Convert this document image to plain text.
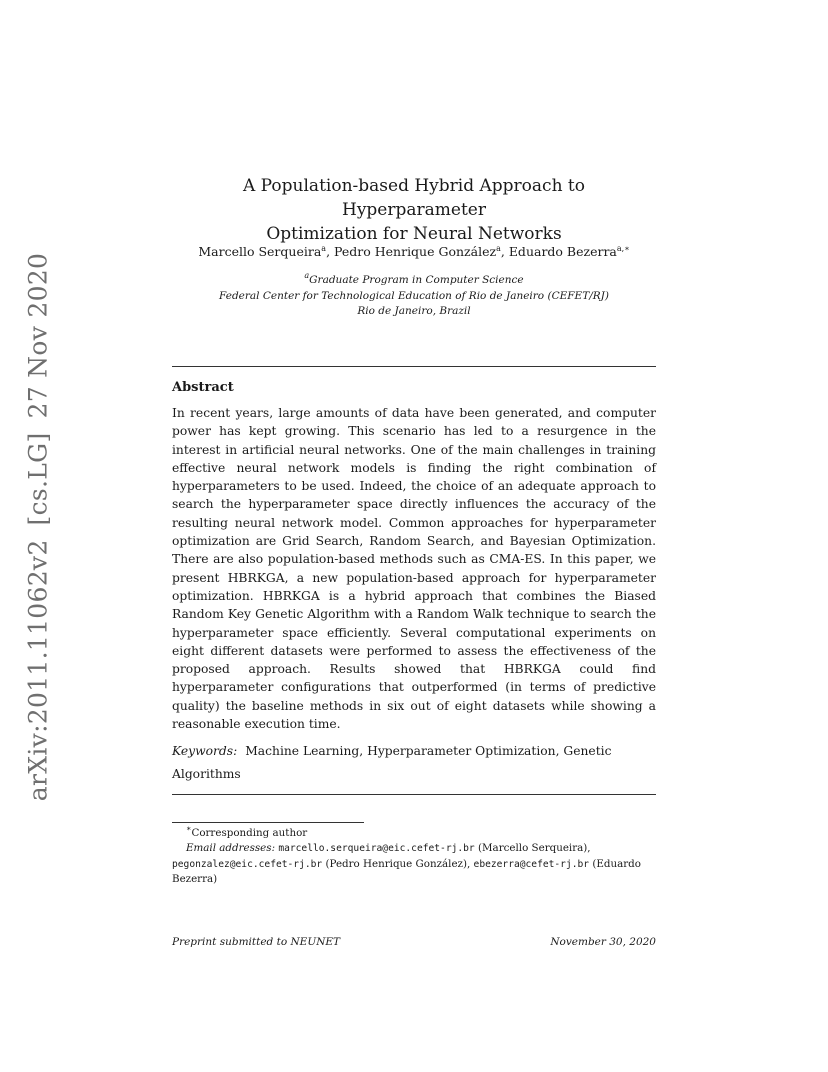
arXiv:2011.11062v2[cs.LG]27 Nov 2020
A Population-based Hybrid Approach to Hyperparameter
Optimization for Neural Networks
Marcello Serqueira$^a$, Pedro Henrique González$^a$, Eduardo Bezerra$^{a,∗}$
$^a$Graduate Program in Computer Science
Federal Center for Technological Education of Rio de Janeiro (CEFET/RJ)
Rio de Janeiro, Brazil
Abstract
In recent years, large amounts of data have been generated, and computer power has kept growing. This scenario has led to a resurgence in the interest in artificial neural networks. One of the main challenges in training effective neural network models is finding the right combination of hyperparameters to be used. Indeed, the choice of an adequate approach to search the hyperparameter space directly influences the accuracy of the resulting neural network model. Common approaches for hyperparameter optimization are Grid Search, Random Search, and Bayesian Optimization. There are also population-based methods such as CMA-ES. In this paper, we present HBRKGA, a new population-based approach for hyperparameter optimization. HBRKGA is a hybrid approach that combines the Biased Random Key Genetic Algorithm with a Random Walk technique to search the hyperparameter space efficiently. Several computational experiments on eight different datasets were performed to assess the effectiveness of the proposed approach. Results showed that HBRKGA could find hyperparameter configurations that outperformed (in terms of predictive quality) the baseline methods in six out of eight datasets while showing a reasonable execution time.
Keywords: Machine Learning, Hyperparameter Optimization, Genetic Algorithms
∗Corresponding author
Email addresses: marcello.serqueira@eic.cefet-rj.br (Marcello Serqueira), pegonzalez@eic.cefet-rj.br (Pedro Henrique González), ebezerra@cefet-rj.br (Eduardo Bezerra)
Preprint submitted to NEUNET	November 30, 2020
